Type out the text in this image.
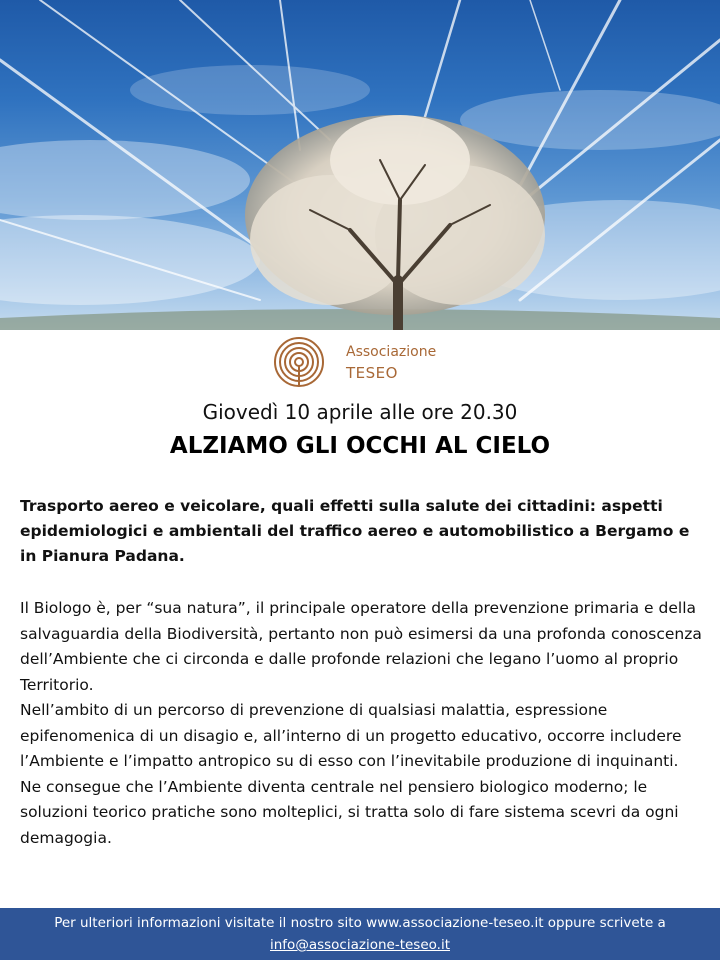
Associazione
TESEO
Giovedì 10 aprile alle ore 20.30
ALZIAMO GLI OCCHI AL CIELO

Trasporto aereo e veicolare, quali effetti sulla salute dei cittadini: aspetti epidemiologici e ambientali del traffico aereo e automobilistico a Bergamo e in Pianura Padana.

Il Biologo è, per “sua natura”, il principale operatore della prevenzione primaria e della salvaguardia della Biodiversità, pertanto non può esimersi da una profonda conoscenza dell’Ambiente che ci circonda e dalle profonde relazioni che legano l’uomo al proprio Territorio.
Nell’ambito di un percorso di prevenzione di qualsiasi malattia, espressione epifenomenica di un disagio e, all’interno di un progetto educativo, occorre includere l’Ambiente e l’impatto antropico su di esso con l’inevitabile produzione di inquinanti.
Ne consegue che l’Ambiente diventa centrale nel pensiero biologico moderno; le soluzioni teorico pratiche sono molteplici, si tratta solo di fare sistema scevri da ogni demagogia.
Per ulteriori informazioni visitate il nostro sito www.associazione-teseo.it oppure scrivete a
info@associazione-teseo.it
